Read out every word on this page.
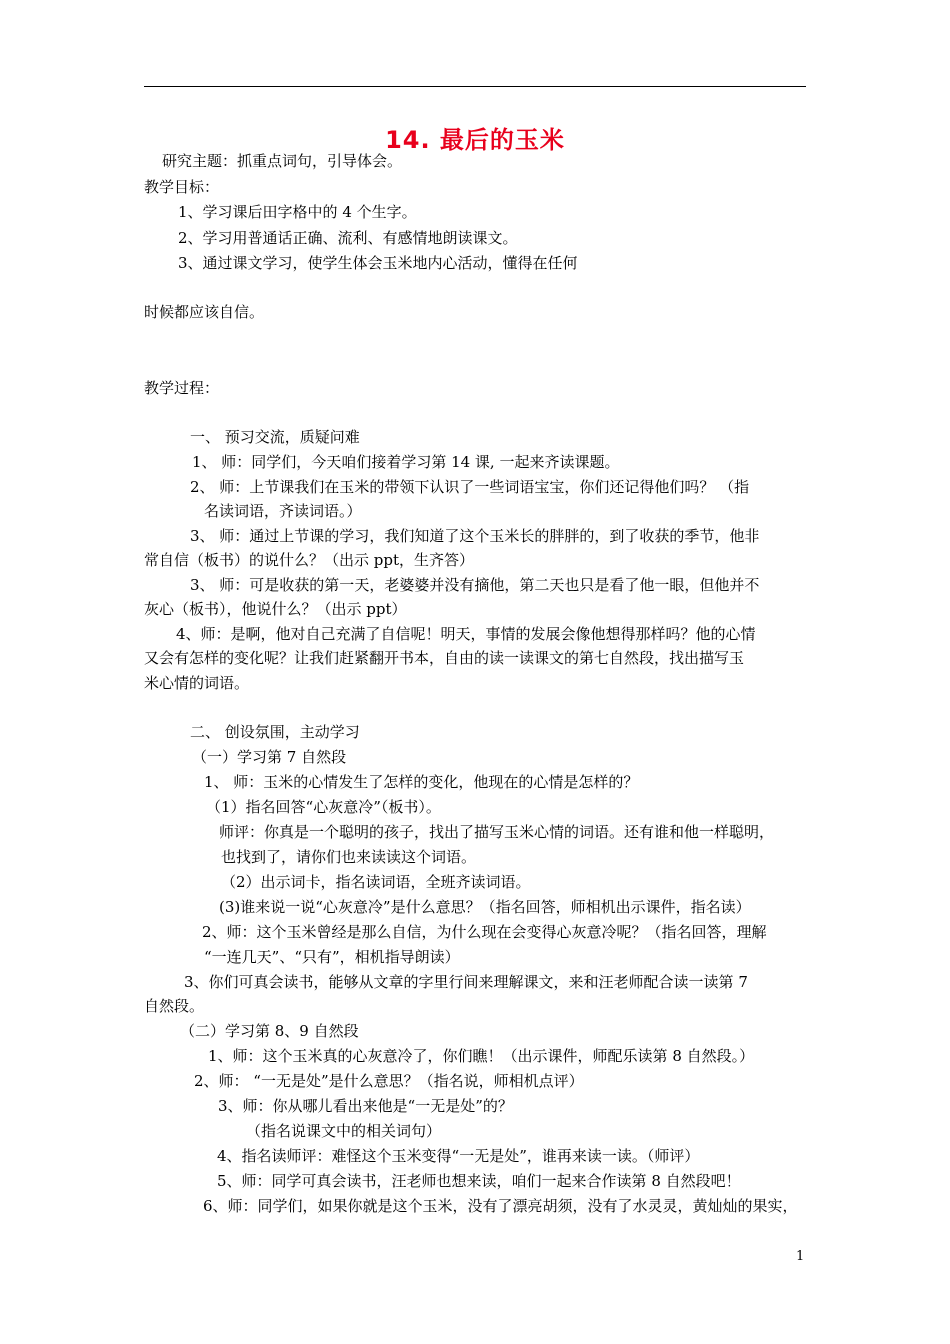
14. 最后的玉米
研究主题：抓重点词句，引导体会。
教学目标：
1、学习课后田字格中的 4 个生字。
2、学习用普通话正确、流利、有感情地朗读课文。
3、通过课文学习，使学生体会玉米地内心活动，懂得在任何
时候都应该自信。
教学过程：
一、 预习交流，质疑问难
1、 师：同学们，今天咱们接着学习第 14 课, 一起来齐读课题。
2、 师：上节课我们在玉米的带领下认识了一些词语宝宝，你们还记得他们吗？ （指
名读词语，齐读词语。）
3、 师：通过上节课的学习，我们知道了这个玉米长的胖胖的，到了收获的季节，他非
常自信（板书）的说什么？（出示 ppt，生齐答）
3、 师：可是收获的第一天，老婆婆并没有摘他，第二天也只是看了他一眼，但他并不
灰心（板书），他说什么？（出示 ppt）
4、师：是啊，他对自己充满了自信呢！明天，事情的发展会像他想得那样吗？他的心情
又会有怎样的变化呢？让我们赶紧翻开书本，自由的读一读课文的第七自然段，找出描写玉
米心情的词语。
二、 创设氛围，主动学习
（一）学习第 7 自然段
1、 师：玉米的心情发生了怎样的变化，他现在的心情是怎样的？
（1）指名回答“心灰意冷”（板书）。
师评：你真是一个聪明的孩子，找出了描写玉米心情的词语。还有谁和他一样聪明，
也找到了，请你们也来读读这个词语。
（2）出示词卡，指名读词语，全班齐读词语。
(3)谁来说一说“心灰意冷”是什么意思？（指名回答，师相机出示课件，指名读）
2、师：这个玉米曾经是那么自信，为什么现在会变得心灰意冷呢？（指名回答，理解
“一连几天”、“只有”，相机指导朗读）
3、你们可真会读书，能够从文章的字里行间来理解课文，来和汪老师配合读一读第 7
自然段。
（二）学习第 8、9 自然段
1、师：这个玉米真的心灰意冷了，你们瞧！（出示课件，师配乐读第 8 自然段。）
2、师： “一无是处”是什么意思？（指名说，师相机点评）
3、师：你从哪儿看出来他是“一无是处”的？
（指名说课文中的相关词句）
4、指名读师评：难怪这个玉米变得“一无是处”，谁再来读一读。（师评）
5、师：同学可真会读书，汪老师也想来读，咱们一起来合作读第 8 自然段吧！
6、师：同学们，如果你就是这个玉米，没有了漂亮胡须，没有了水灵灵，黄灿灿的果实，
1
